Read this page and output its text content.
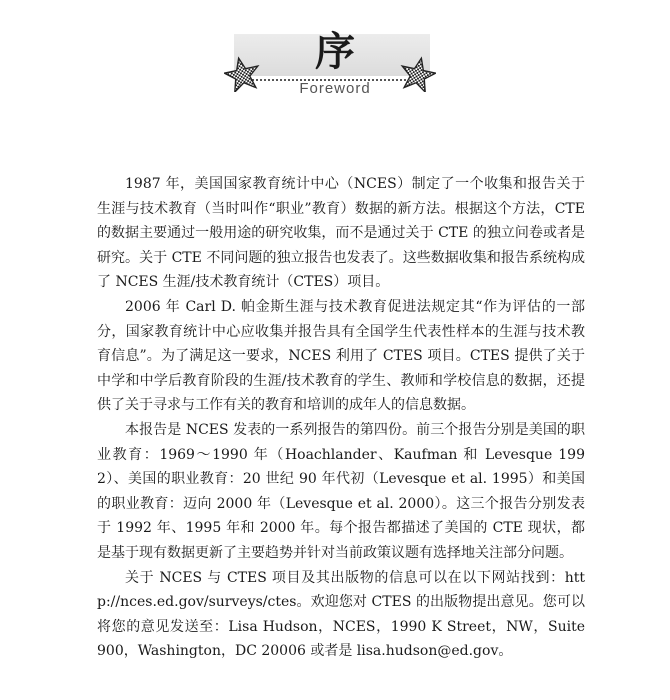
序
Foreword

1987 年，美国国家教育统计中心（NCES）制定了一个收集和报告关于生涯与技术教育（当时叫作“职业”教育）数据的新方法。根据这个方法，CTE 的数据主要通过一般用途的研究收集，而不是通过关于 CTE 的独立问卷或者是研究。关于 CTE 不同问题的独立报告也发表了。这些数据收集和报告系统构成了 NCES 生涯/技术教育统计（CTES）项目。

2006 年 Carl D. 帕金斯生涯与技术教育促进法规定其“作为评估的一部分，国家教育统计中心应收集并报告具有全国学生代表性样本的生涯与技术教育信息”。为了满足这一要求，NCES 利用了 CTES 项目。CTES 提供了关于中学和中学后教育阶段的生涯/技术教育的学生、教师和学校信息的数据，还提供了关于寻求与工作有关的教育和培训的成年人的信息数据。

本报告是 NCES 发表的一系列报告的第四份。前三个报告分别是美国的职业教育：1969～1990 年（Hoachlander、Kaufman 和 Levesque 1992）、美国的职业教育：20 世纪 90 年代初（Levesque et al. 1995）和美国的职业教育：迈向 2000 年（Levesque et al. 2000）。这三个报告分别发表于 1992 年、1995 年和 2000 年。每个报告都描述了美国的 CTE 现状，都是基于现有数据更新了主要趋势并针对当前政策议题有选择地关注部分问题。

关于 NCES 与 CTES 项目及其出版物的信息可以在以下网站找到：http://nces.ed.gov/surveys/ctes。欢迎您对 CTES 的出版物提出意见。您可以将您的意见发送至：Lisa Hudson，NCES，1990 K Street，NW，Suite 900，Washington，DC 20006 或者是 lisa.hudson@ed.gov。
